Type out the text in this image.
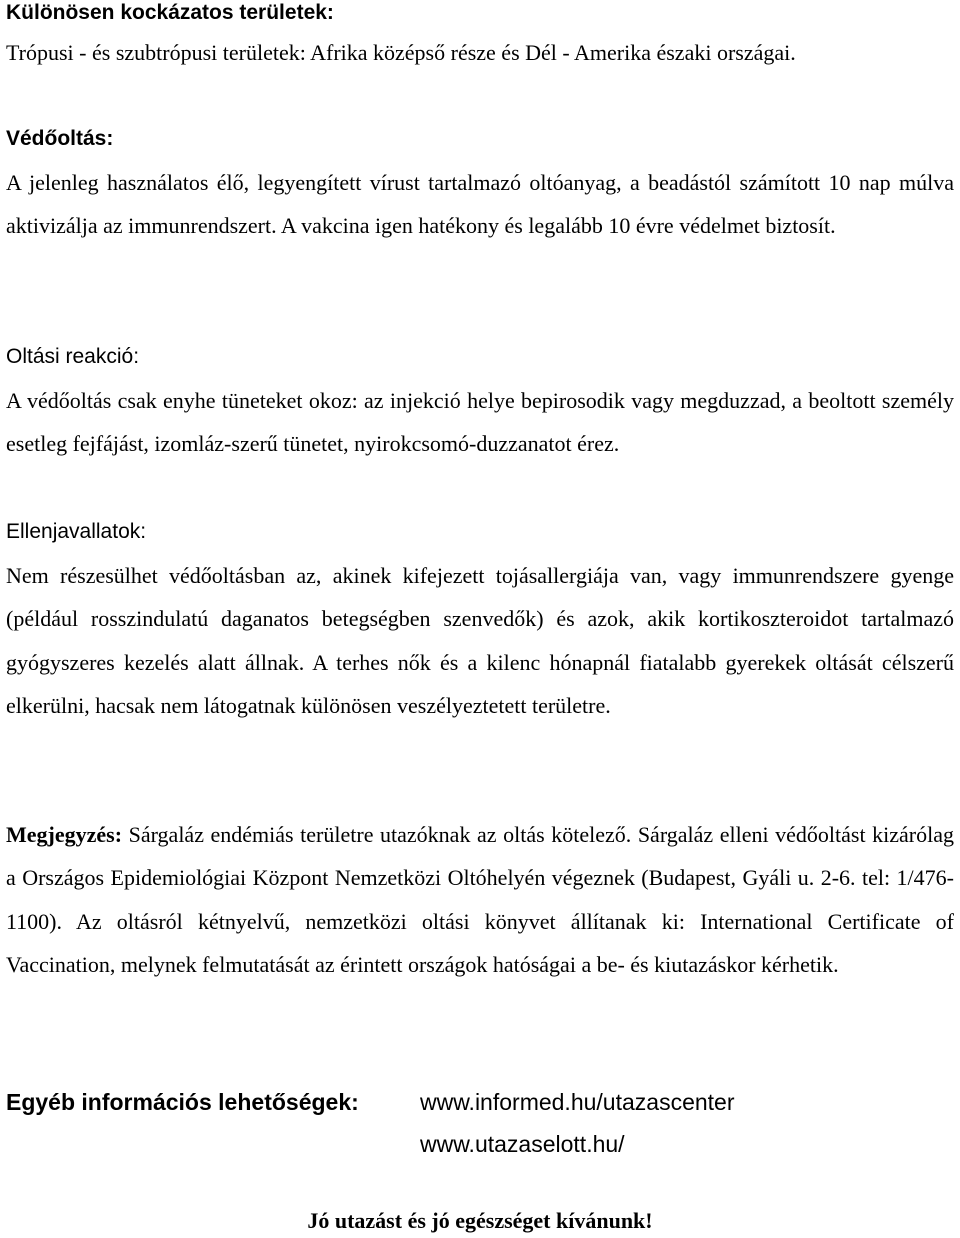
Különösen kockázatos területek:

Trópusi - és szubtrópusi területek: Afrika középső része és Dél - Amerika északi országai.

Védőoltás:

A jelenleg használatos élő, legyengített vírust tartalmazó oltóanyag, a beadástól számított 10 nap múlva aktivizálja az immunrendszert. A vakcina igen hatékony és legalább 10 évre védelmet biztosít.

Oltási reakció:

A védőoltás csak enyhe tüneteket okoz: az injekció helye bepirosodik vagy megduzzad, a beoltott személy esetleg fejfájást, izomláz-szerű tünetet, nyirokcsomó-duzzanatot érez.

Ellenjavallatok:

Nem részesülhet védőoltásban az, akinek kifejezett tojásallergiája van, vagy immunrendszere gyenge (például rosszindulatú daganatos betegségben szenvedők) és azok, akik kortikoszteroidot tartalmazó gyógyszeres kezelés alatt állnak. A terhes nők és a kilenc hónapnál fiatalabb gyerekek oltását célszerű elkerülni, hacsak nem látogatnak különösen veszélyeztetett területre.

Megjegyzés: Sárgaláz endémiás területre utazóknak az oltás kötelező. Sárgaláz elleni védőoltást kizárólag a Országos Epidemiológiai Központ Nemzetközi Oltóhelyén végeznek (Budapest, Gyáli u. 2-6. tel: 1/476-1100). Az oltásról kétnyelvű, nemzetközi oltási könyvet állítanak ki: International Certificate of Vaccination, melynek felmutatását az érintett országok hatóságai a be- és kiutazáskor kérhetik.

Egyéb információs lehetőségek:	www.informed.hu/utazascenter
www.utazaselott.hu/
Jó utazást és jó egészséget kívánunk!
